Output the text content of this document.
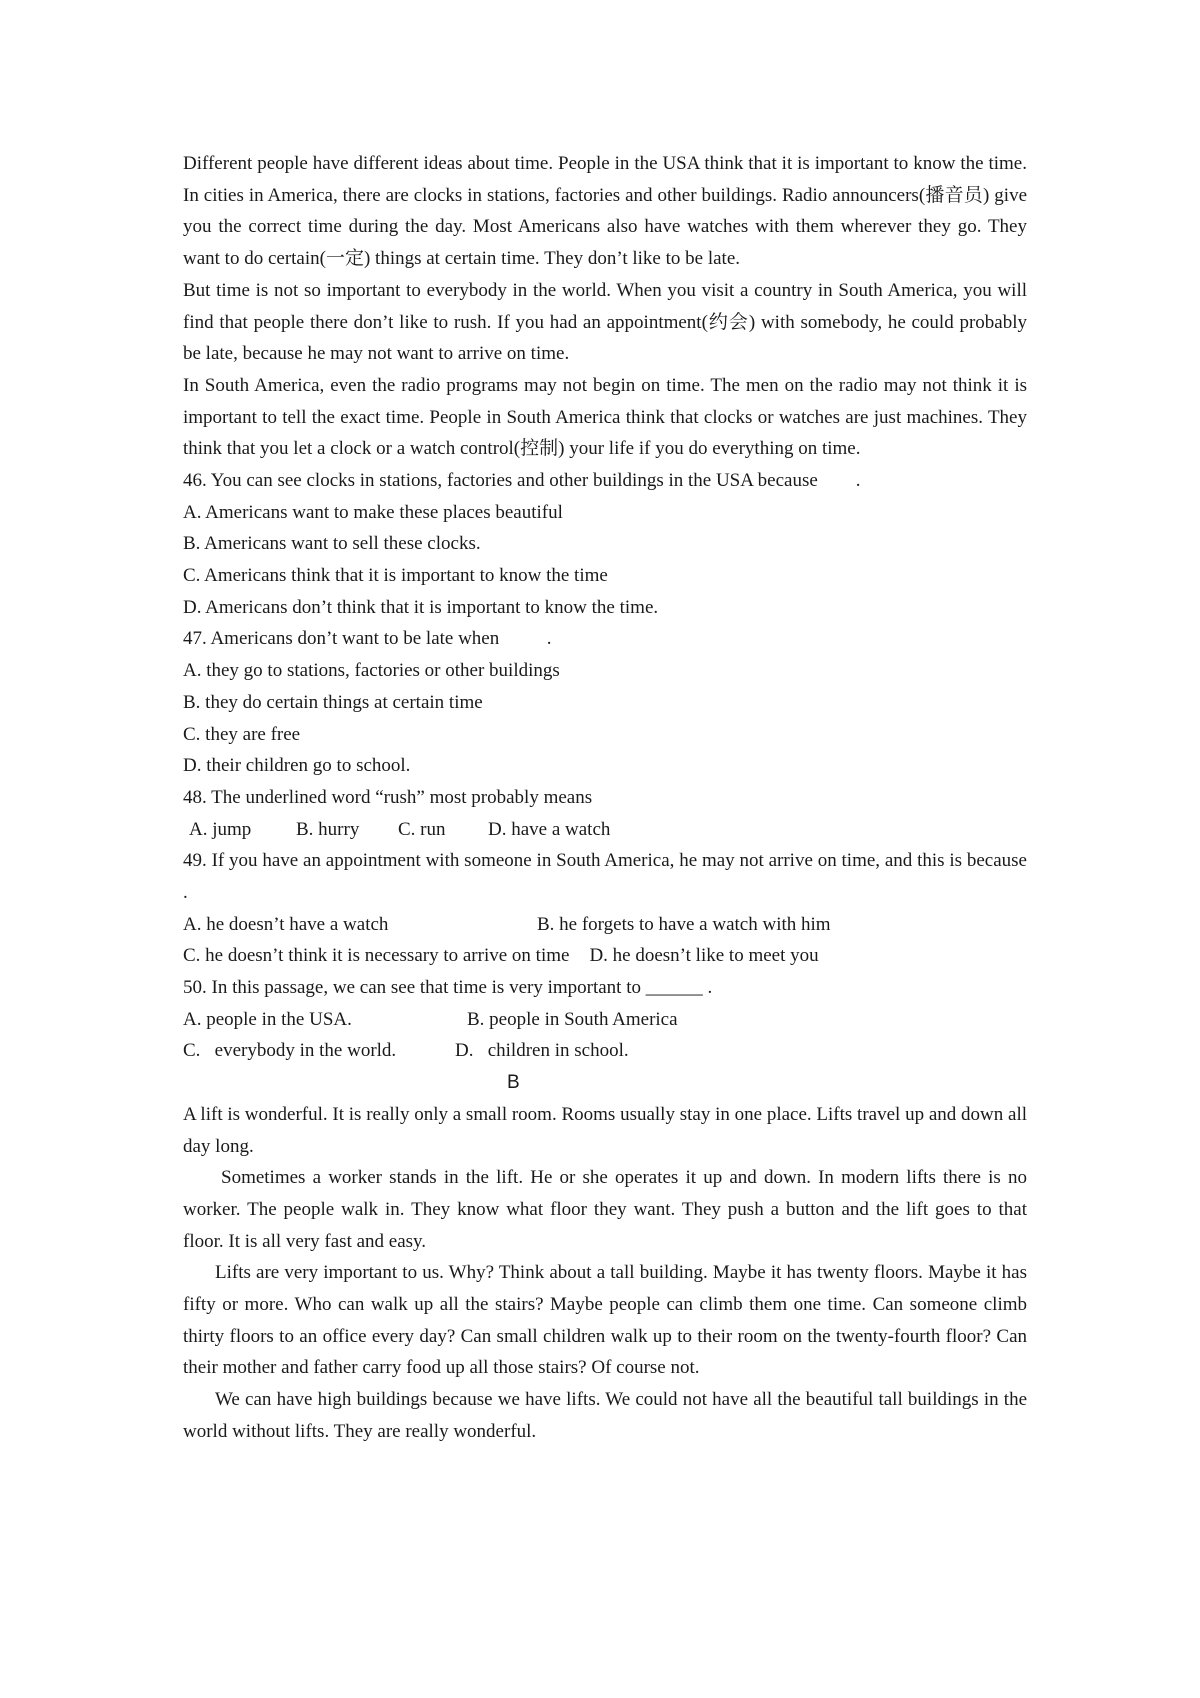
Different people have different ideas about time. People in the USA think that it is important to know the time. In cities in America, there are clocks in stations, factories and other buildings. Radio announcers(播音员) give you the correct time during the day. Most Americans also have watches with them wherever they go. They want to do certain(一定) things at certain time. They don’t like to be late.

But time is not so important to everybody in the world. When you visit a country in South America, you will find that people there don’t like to rush. If you had an appointment(约会) with somebody, he could probably be late, because he may not want to arrive on time.

In South America, even the radio programs may not begin on time. The men on the radio may not think it is important to tell the exact time. People in South America think that clocks or watches are just machines. They think that you let a clock or a watch control(控制) your life if you do everything on time.

46. You can see clocks in stations, factories and other buildings in the USA because        .

A. Americans want to make these places beautiful

B. Americans want to sell these clocks.

C. Americans think that it is important to know the time

D. Americans don’t think that it is important to know the time.

47. Americans don’t want to be late when          .

A. they go to stations, factories or other buildings

B. they do certain things at certain time

C. they are free

D. their children go to school.

48. The underlined word “rush” most probably means

A. jump	B. hurry	C. run	D. have a watch

49. If you have an appointment with someone in South America, he may not arrive on time, and this is because .

A. he doesn’t have a watch	B. he forgets to have a watch with him
C. he doesn’t think it is necessary to arrive on time D. he doesn’t like to meet you

50. In this passage, we can see that time is very important to ______ .

A. people in the USA.	B. people in South America
C.   everybody in the world.	D.   children in school.

B

A lift is wonderful. It is really only a small room. Rooms usually stay in one place. Lifts travel up and down all day long.

Sometimes a worker stands in the lift. He or she operates it up and down. In modern lifts there is no worker. The people walk in. They know what floor they want. They push a button and the lift goes to that floor. It is all very fast and easy.

Lifts are very important to us. Why? Think about a tall building. Maybe it has twenty floors. Maybe it has fifty or more. Who can walk up all the stairs? Maybe people can climb them one time. Can someone climb thirty floors to an office every day? Can small children walk up to their room on the twenty-fourth floor? Can their mother and father carry food up all those stairs? Of course not.

We can have high buildings because we have lifts. We could not have all the beautiful tall buildings in the world without lifts. They are really wonderful.
